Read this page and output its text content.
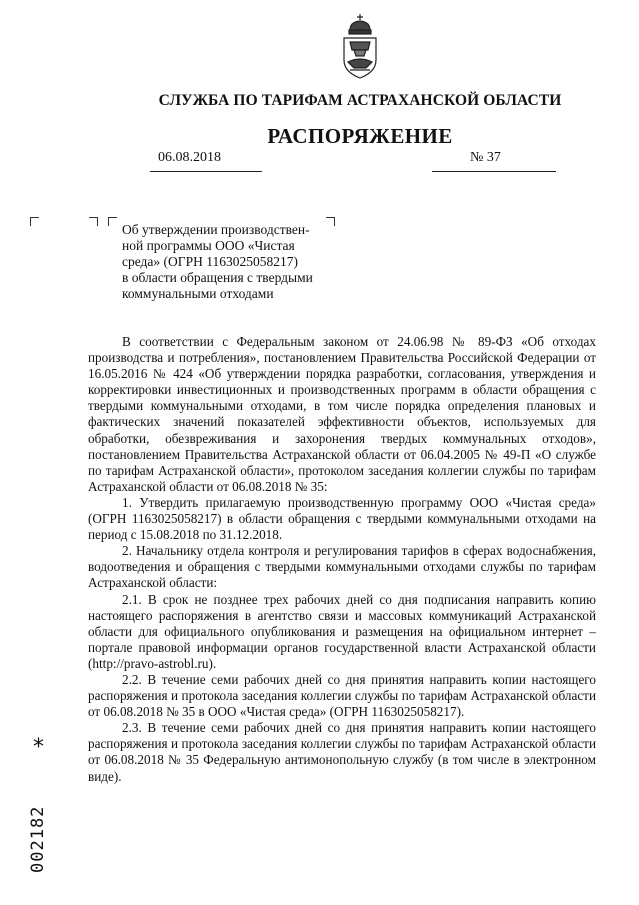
СЛУЖБА ПО ТАРИФАМ АСТРАХАНСКОЙ ОБЛАСТИ
РАСПОРЯЖЕНИЕ
06.08.2018	№ 37
Об утверждении производствен-
ной программы ООО «Чистая
среда» (ОГРН 1163025058217)
в области обращения с твердыми
коммунальными отходами

В соответствии с Федеральным законом от 24.06.98 № 89-ФЗ «Об отходах производства и потребления», постановлением Правительства Российской Федерации от 16.05.2016 № 424 «Об утверждении порядка разработки, согласования, утверждения и корректировки инвестиционных и производственных программ в области обращения с твердыми коммунальными отходами, в том числе порядка определения плановых и фактических значений показателей эффективности объектов, используемых для обработки, обезвреживания и захоронения твердых коммунальных отходов», постановлением Правительства Астраханской области от 06.04.2005 № 49-П «О службе по тарифам Астраханской области», протоколом заседания коллегии службы по тарифам Астраханской области от 06.08.2018 № 35:

1. Утвердить прилагаемую производственную программу ООО «Чистая среда» (ОГРН 1163025058217) в области обращения с твердыми коммунальными отходами на период с 15.08.2018 по 31.12.2018.

2. Начальнику отдела контроля и регулирования тарифов в сферах водоснабжения, водоотведения и обращения с твердыми коммунальными отходами службы по тарифам Астраханской области:

2.1. В срок не позднее трех рабочих дней со дня подписания направить копию настоящего распоряжения в агентство связи и массовых коммуникаций Астраханской области для официального опубликования и размещения на официальном интернет – портале правовой информации органов государственной власти Астраханской области (http://pravo-astrobl.ru).

2.2. В течение семи рабочих дней со дня принятия направить копии настоящего распоряжения и протокола заседания коллегии службы по тарифам Астраханской области от 06.08.2018 № 35 в ООО «Чистая среда» (ОГРН 1163025058217).

2.3. В течение семи рабочих дней со дня принятия направить копии настоящего распоряжения и протокола заседания коллегии службы по тарифам Астраханской области от 06.08.2018 № 35 Федеральную антимонопольную службу (в том числе в электронном виде).

*
002182
